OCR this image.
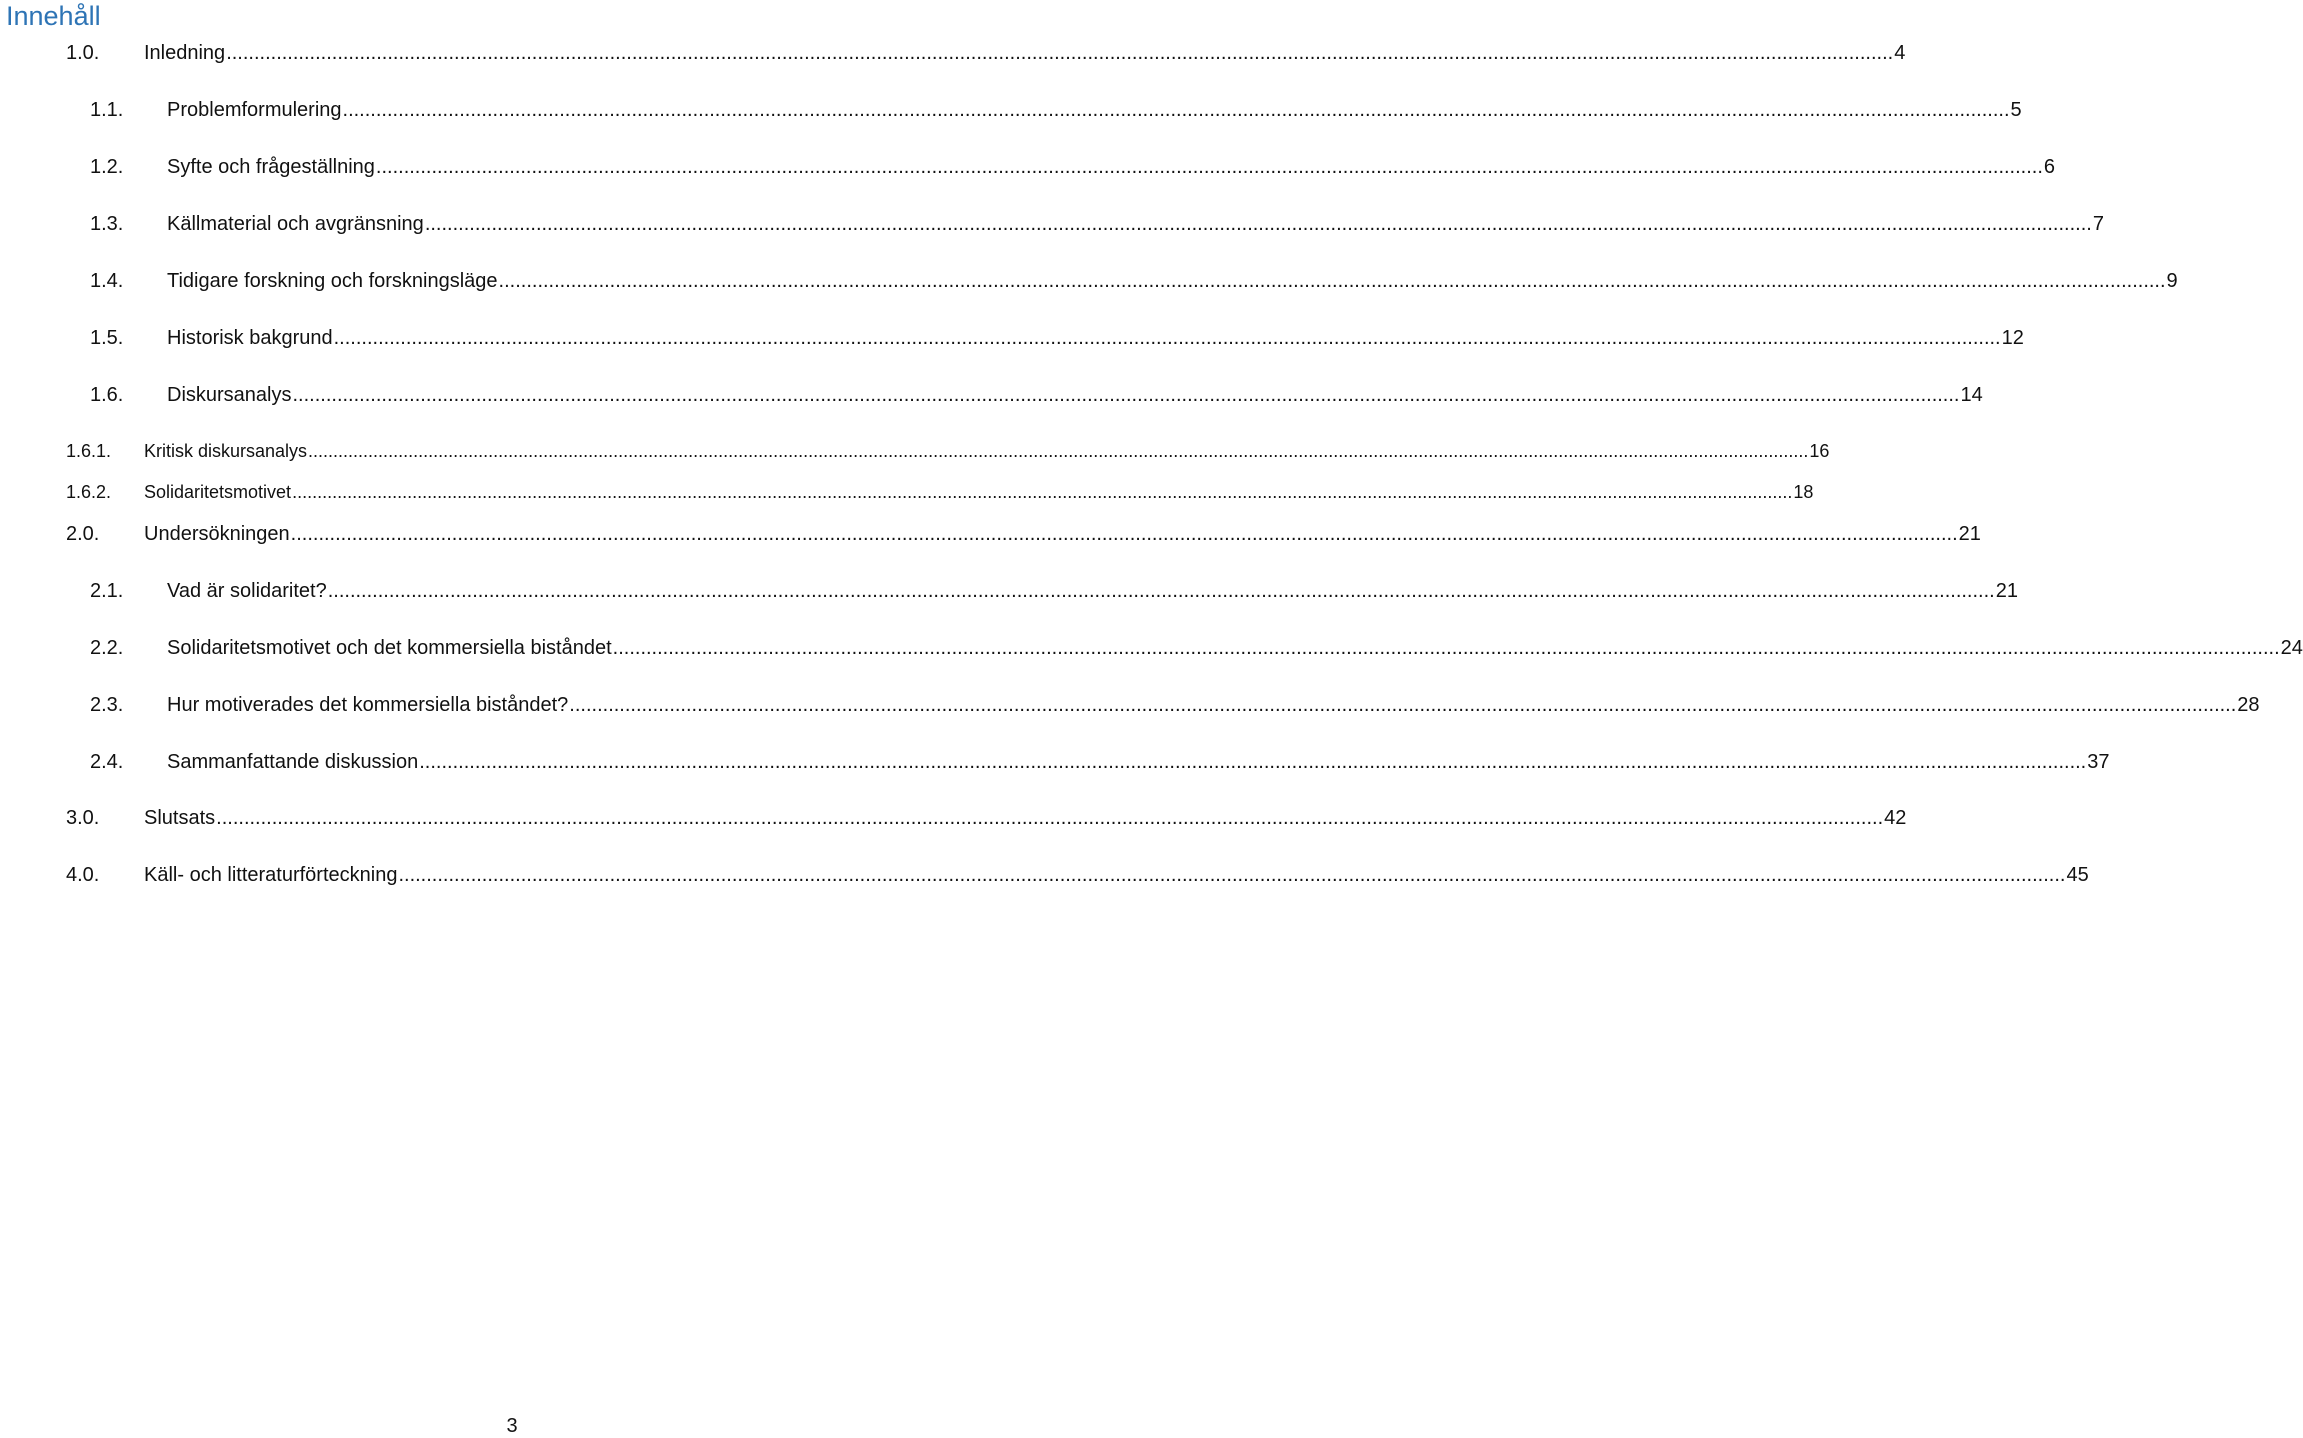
Innehåll
1.0.	Inledning ............................................................................................................................................................................................................................................................................................................ 4
1.1.	Problemformulering ............................................................................................................................................................................................................................................................................................................ 5
1.2.	Syfte och frågeställning ............................................................................................................................................................................................................................................................................................................ 6
1.3.	Källmaterial och avgränsning ............................................................................................................................................................................................................................................................................................................ 7
1.4.	Tidigare forskning och forskningsläge ............................................................................................................................................................................................................................................................................................................ 9
1.5.	Historisk bakgrund ............................................................................................................................................................................................................................................................................................................ 12
1.6.	Diskursanalys ............................................................................................................................................................................................................................................................................................................ 14
1.6.1.	Kritisk diskursanalys ............................................................................................................................................................................................................................................................................................................ 16
1.6.2.	Solidaritetsmotivet ............................................................................................................................................................................................................................................................................................................ 18
2.0.	Undersökningen ............................................................................................................................................................................................................................................................................................................ 21
2.1.	Vad är solidaritet? ............................................................................................................................................................................................................................................................................................................ 21
2.2.	Solidaritetsmotivet och det kommersiella biståndet ............................................................................................................................................................................................................................................................................................................ 24
2.3.	Hur motiverades det kommersiella biståndet? ............................................................................................................................................................................................................................................................................................................ 28
2.4.	Sammanfattande diskussion ............................................................................................................................................................................................................................................................................................................ 37
3.0.	Slutsats ............................................................................................................................................................................................................................................................................................................ 42
4.0.	Käll- och litteraturförteckning ............................................................................................................................................................................................................................................................................................................ 45
3
